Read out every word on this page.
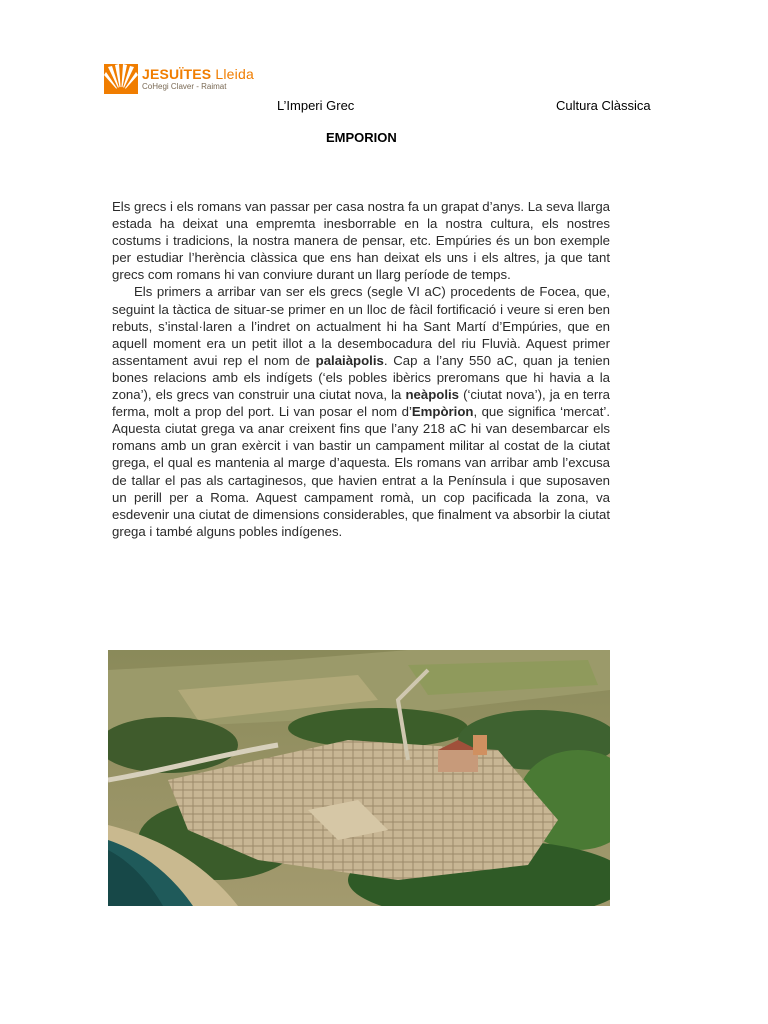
JESUÏTES Lleida
CoHegi Claver - Raimat
L’Imperi Grec	Cultura Clàssica
EMPORION

Els grecs i els romans van passar per casa nostra fa un grapat d’anys. La seva llarga estada ha deixat una empremta inesborrable en la nostra cultura, els nostres costums i tradicions, la nostra manera de pensar, etc. Empúries és un bon exemple per estudiar l’herència clàssica que ens han deixat els uns i els altres, ja que tant grecs com romans hi van conviure durant un llarg període de temps.

Els primers a arribar van ser els grecs (segle VI aC) procedents de Focea, que, seguint la tàctica de situar-se primer en un lloc de fàcil fortificació i veure si eren ben rebuts, s’instal·laren a l’indret on actualment hi ha Sant Martí d’Empúries, que en aquell moment era un petit illot a la desembocadura del riu Fluvià. Aquest primer assentament avui rep el nom de palaiàpolis. Cap a l’any 550 aC, quan ja tenien bones relacions amb els indígets (‘els pobles ibèrics preromans que hi havia a la zona’), els grecs van construir una ciutat nova, la neàpolis (‘ciutat nova’), ja en terra ferma, molt a prop del port. Li van posar el nom d’Empòrion, que significa ‘mercat’. Aquesta ciutat grega va anar creixent fins que l’any 218 aC hi van desembarcar els romans amb un gran exèrcit i van bastir un campament militar al costat de la ciutat grega, el qual es mantenia al marge d’aquesta. Els romans van arribar amb l’excusa de tallar el pas als cartaginesos, que havien entrat a la Península i que suposaven un perill per a Roma. Aquest campament romà, un cop pacificada la zona, va esdevenir una ciutat de dimensions considerables, que finalment va absorbir la ciutat grega i també alguns pobles indígenes.
